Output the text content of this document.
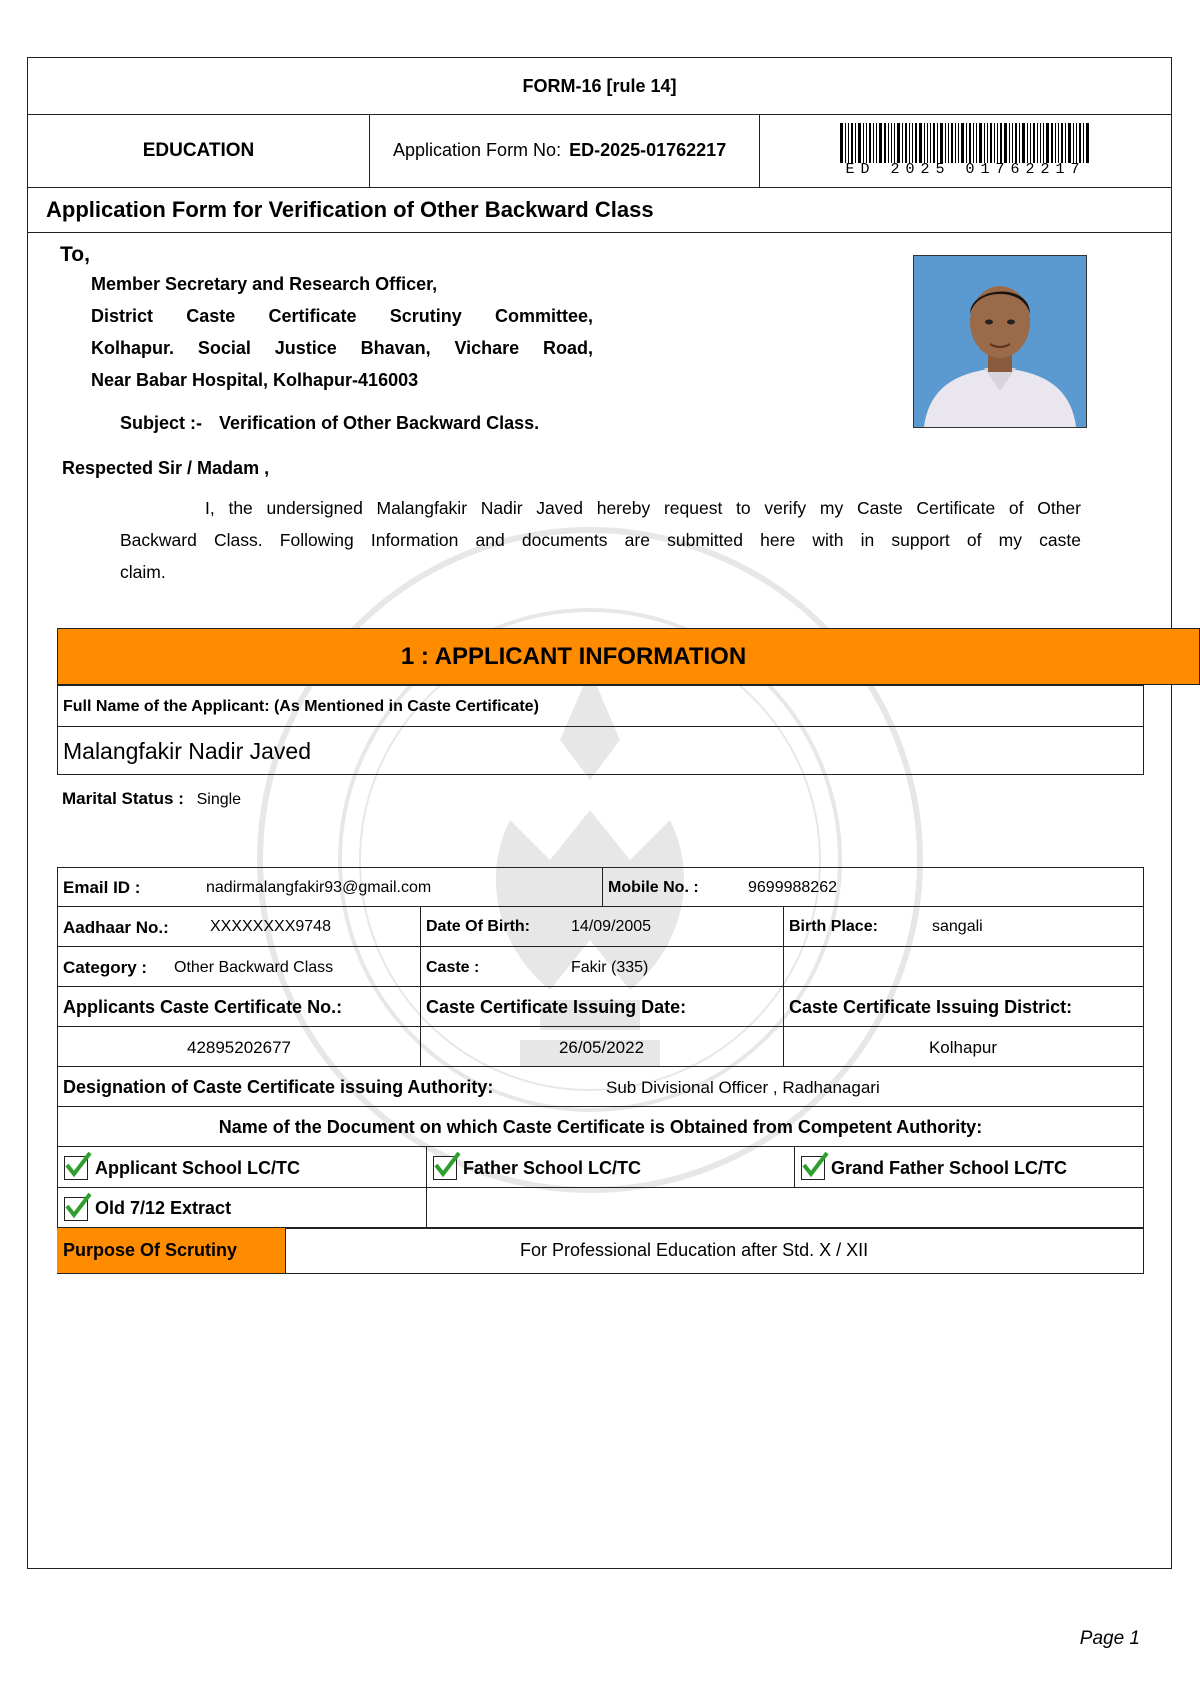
FORM-16 [rule 14]
EDUCATION	Application Form No: ED-2025-01762217
ED 2025 01762217
Application Form for Verification of Other Backward Class
To,
Member Secretary and Research Officer,
District Caste Certificate Scrutiny Committee,
Kolhapur. Social Justice Bhavan, Vichare Road,
Near Babar Hospital, Kolhapur-416003
Subject :- Verification of Other Backward Class.
Respected Sir / Madam ,
I, the undersigned Malangfakir Nadir Javed hereby request to verify my Caste Certificate of Other
Backward Class. Following Information and documents are submitted here with in support of my caste
claim.
1 : APPLICANT INFORMATION
Full Name of the Applicant: (As Mentioned in Caste Certificate)
Malangfakir Nadir Javed
Marital Status : Single
Email ID :	nadirmalangfakir93@gmail.com	Mobile No. :	9699988262
Aadhaar No.:	XXXXXXXX9748	Date Of Birth:	14/09/2005	Birth Place:	sangali
Category : Other Backward Class	Caste :	Fakir (335)
Applicants Caste Certificate No.:	Caste Certificate Issuing Date:	Caste Certificate Issuing District:
42895202677	26/05/2022	Kolhapur
Designation of Caste Certificate issuing Authority:	Sub Divisional Officer , Radhanagari
Name of the Document on which Caste Certificate is Obtained from Competent Authority:
Applicant School LC/TC	Father School LC/TC	Grand Father School LC/TC
Old 7/12 Extract
Purpose Of Scrutiny	For Professional Education after Std. X / XII
Page 1
